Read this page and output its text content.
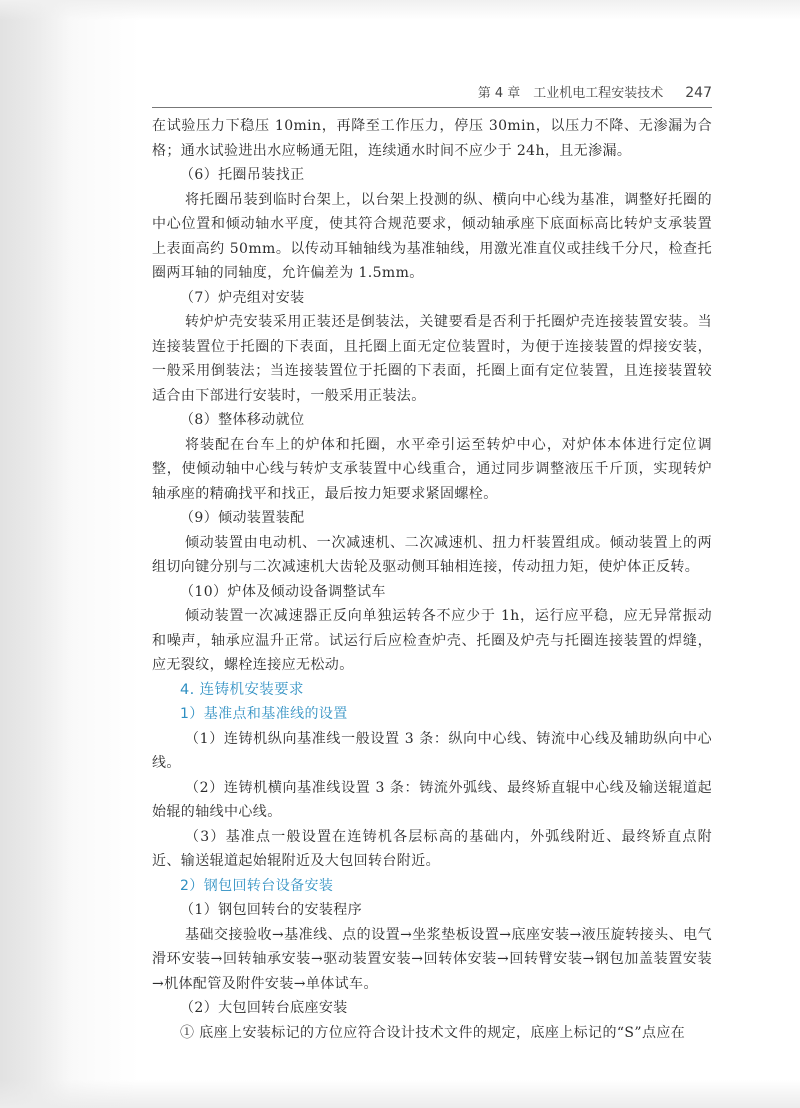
第 4 章　工业机电工程安装技术 247

在试验压力下稳压 10min，再降至工作压力，停压 30min，以压力不降、无渗漏为合格；通水试验进出水应畅通无阻，连续通水时间不应少于 24h，且无渗漏。

（6）托圈吊装找正

将托圈吊装到临时台架上，以台架上投测的纵、横向中心线为基准，调整好托圈的中心位置和倾动轴水平度，使其符合规范要求，倾动轴承座下底面标高比转炉支承装置上表面高约 50mm。以传动耳轴轴线为基准轴线，用激光准直仪或挂线千分尺，检查托圈两耳轴的同轴度，允许偏差为 1.5mm。

（7）炉壳组对安装

转炉炉壳安装采用正装还是倒装法，关键要看是否利于托圈炉壳连接装置安装。当连接装置位于托圈的下表面，且托圈上面无定位装置时，为便于连接装置的焊接安装，一般采用倒装法；当连接装置位于托圈的下表面，托圈上面有定位装置，且连接装置较适合由下部进行安装时，一般采用正装法。

（8）整体移动就位

将装配在台车上的炉体和托圈，水平牵引运至转炉中心，对炉体本体进行定位调整，使倾动轴中心线与转炉支承装置中心线重合，通过同步调整液压千斤顶，实现转炉轴承座的精确找平和找正，最后按力矩要求紧固螺栓。

（9）倾动装置装配

倾动装置由电动机、一次减速机、二次减速机、扭力杆装置组成。倾动装置上的两组切向键分别与二次减速机大齿轮及驱动侧耳轴相连接，传动扭力矩，使炉体正反转。

（10）炉体及倾动设备调整试车

倾动装置一次减速器正反向单独运转各不应少于 1h，运行应平稳，应无异常振动和噪声，轴承应温升正常。试运行后应检查炉壳、托圈及炉壳与托圈连接装置的焊缝，应无裂纹，螺栓连接应无松动。

4. 连铸机安装要求

1）基准点和基准线的设置

（1）连铸机纵向基准线一般设置 3 条：纵向中心线、铸流中心线及辅助纵向中心线。

（2）连铸机横向基准线设置 3 条：铸流外弧线、最终矫直辊中心线及输送辊道起始辊的轴线中心线。

（3）基准点一般设置在连铸机各层标高的基础内，外弧线附近、最终矫直点附近、输送辊道起始辊附近及大包回转台附近。

2）钢包回转台设备安装

（1）钢包回转台的安装程序

基础交接验收→基准线、点的设置→坐浆垫板设置→底座安装→液压旋转接头、电气滑环安装→回转轴承安装→驱动装置安装→回转体安装→回转臂安装→钢包加盖装置安装→机体配管及附件安装→单体试车。

（2）大包回转台底座安装

① 底座上安装标记的方位应符合设计技术文件的规定，底座上标记的“S”点应在
